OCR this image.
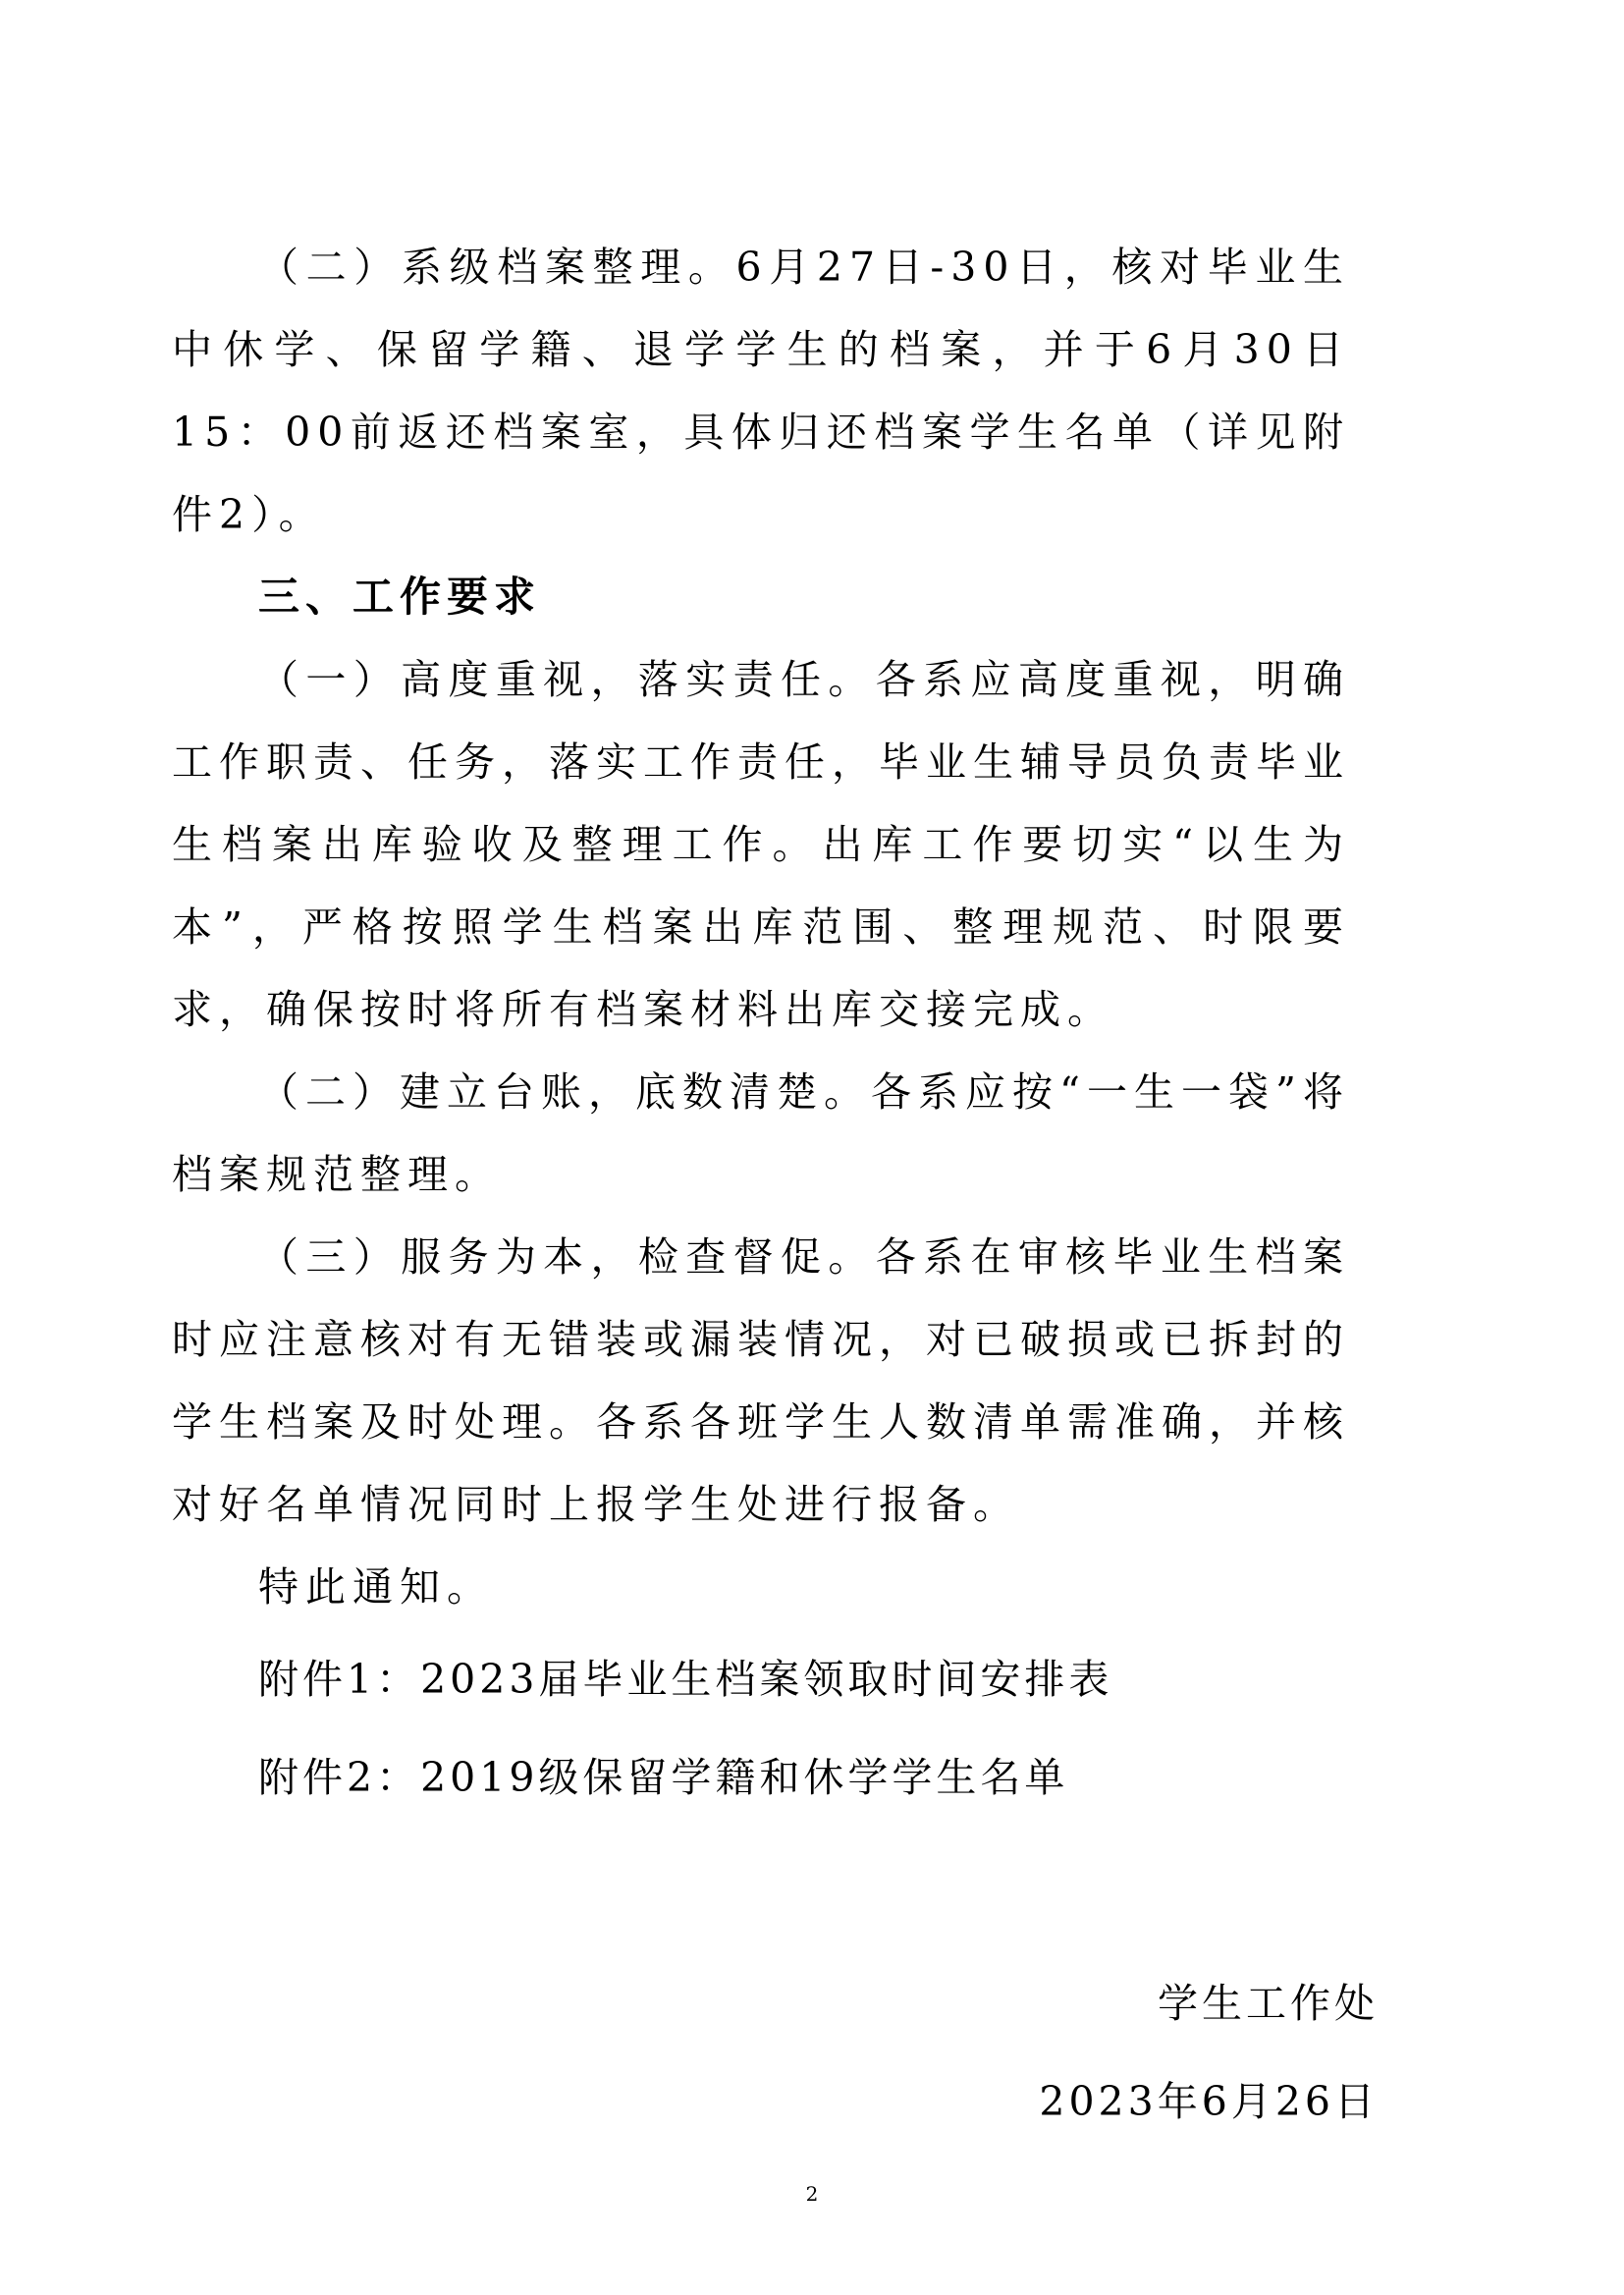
（二）系级档案整理。6月27日-30日，核对毕业生中休学、保留学籍、退学学生的档案，并于6月30日15：00前返还档案室，具体归还档案学生名单（详见附件2）。

三、工作要求

（一）高度重视，落实责任。各系应高度重视，明确工作职责、任务，落实工作责任，毕业生辅导员负责毕业生档案出库验收及整理工作。出库工作要切实“以生为本”，严格按照学生档案出库范围、整理规范、时限要求，确保按时将所有档案材料出库交接完成。

（二）建立台账，底数清楚。各系应按“一生一袋”将档案规范整理。

（三）服务为本，检查督促。各系在审核毕业生档案时应注意核对有无错装或漏装情况，对已破损或已拆封的学生档案及时处理。各系各班学生人数清单需准确，并核对好名单情况同时上报学生处进行报备。

特此通知。

附件1：2023届毕业生档案领取时间安排表
附件2：2019级保留学籍和休学学生名单
学生工作处
2023年6月26日
2
